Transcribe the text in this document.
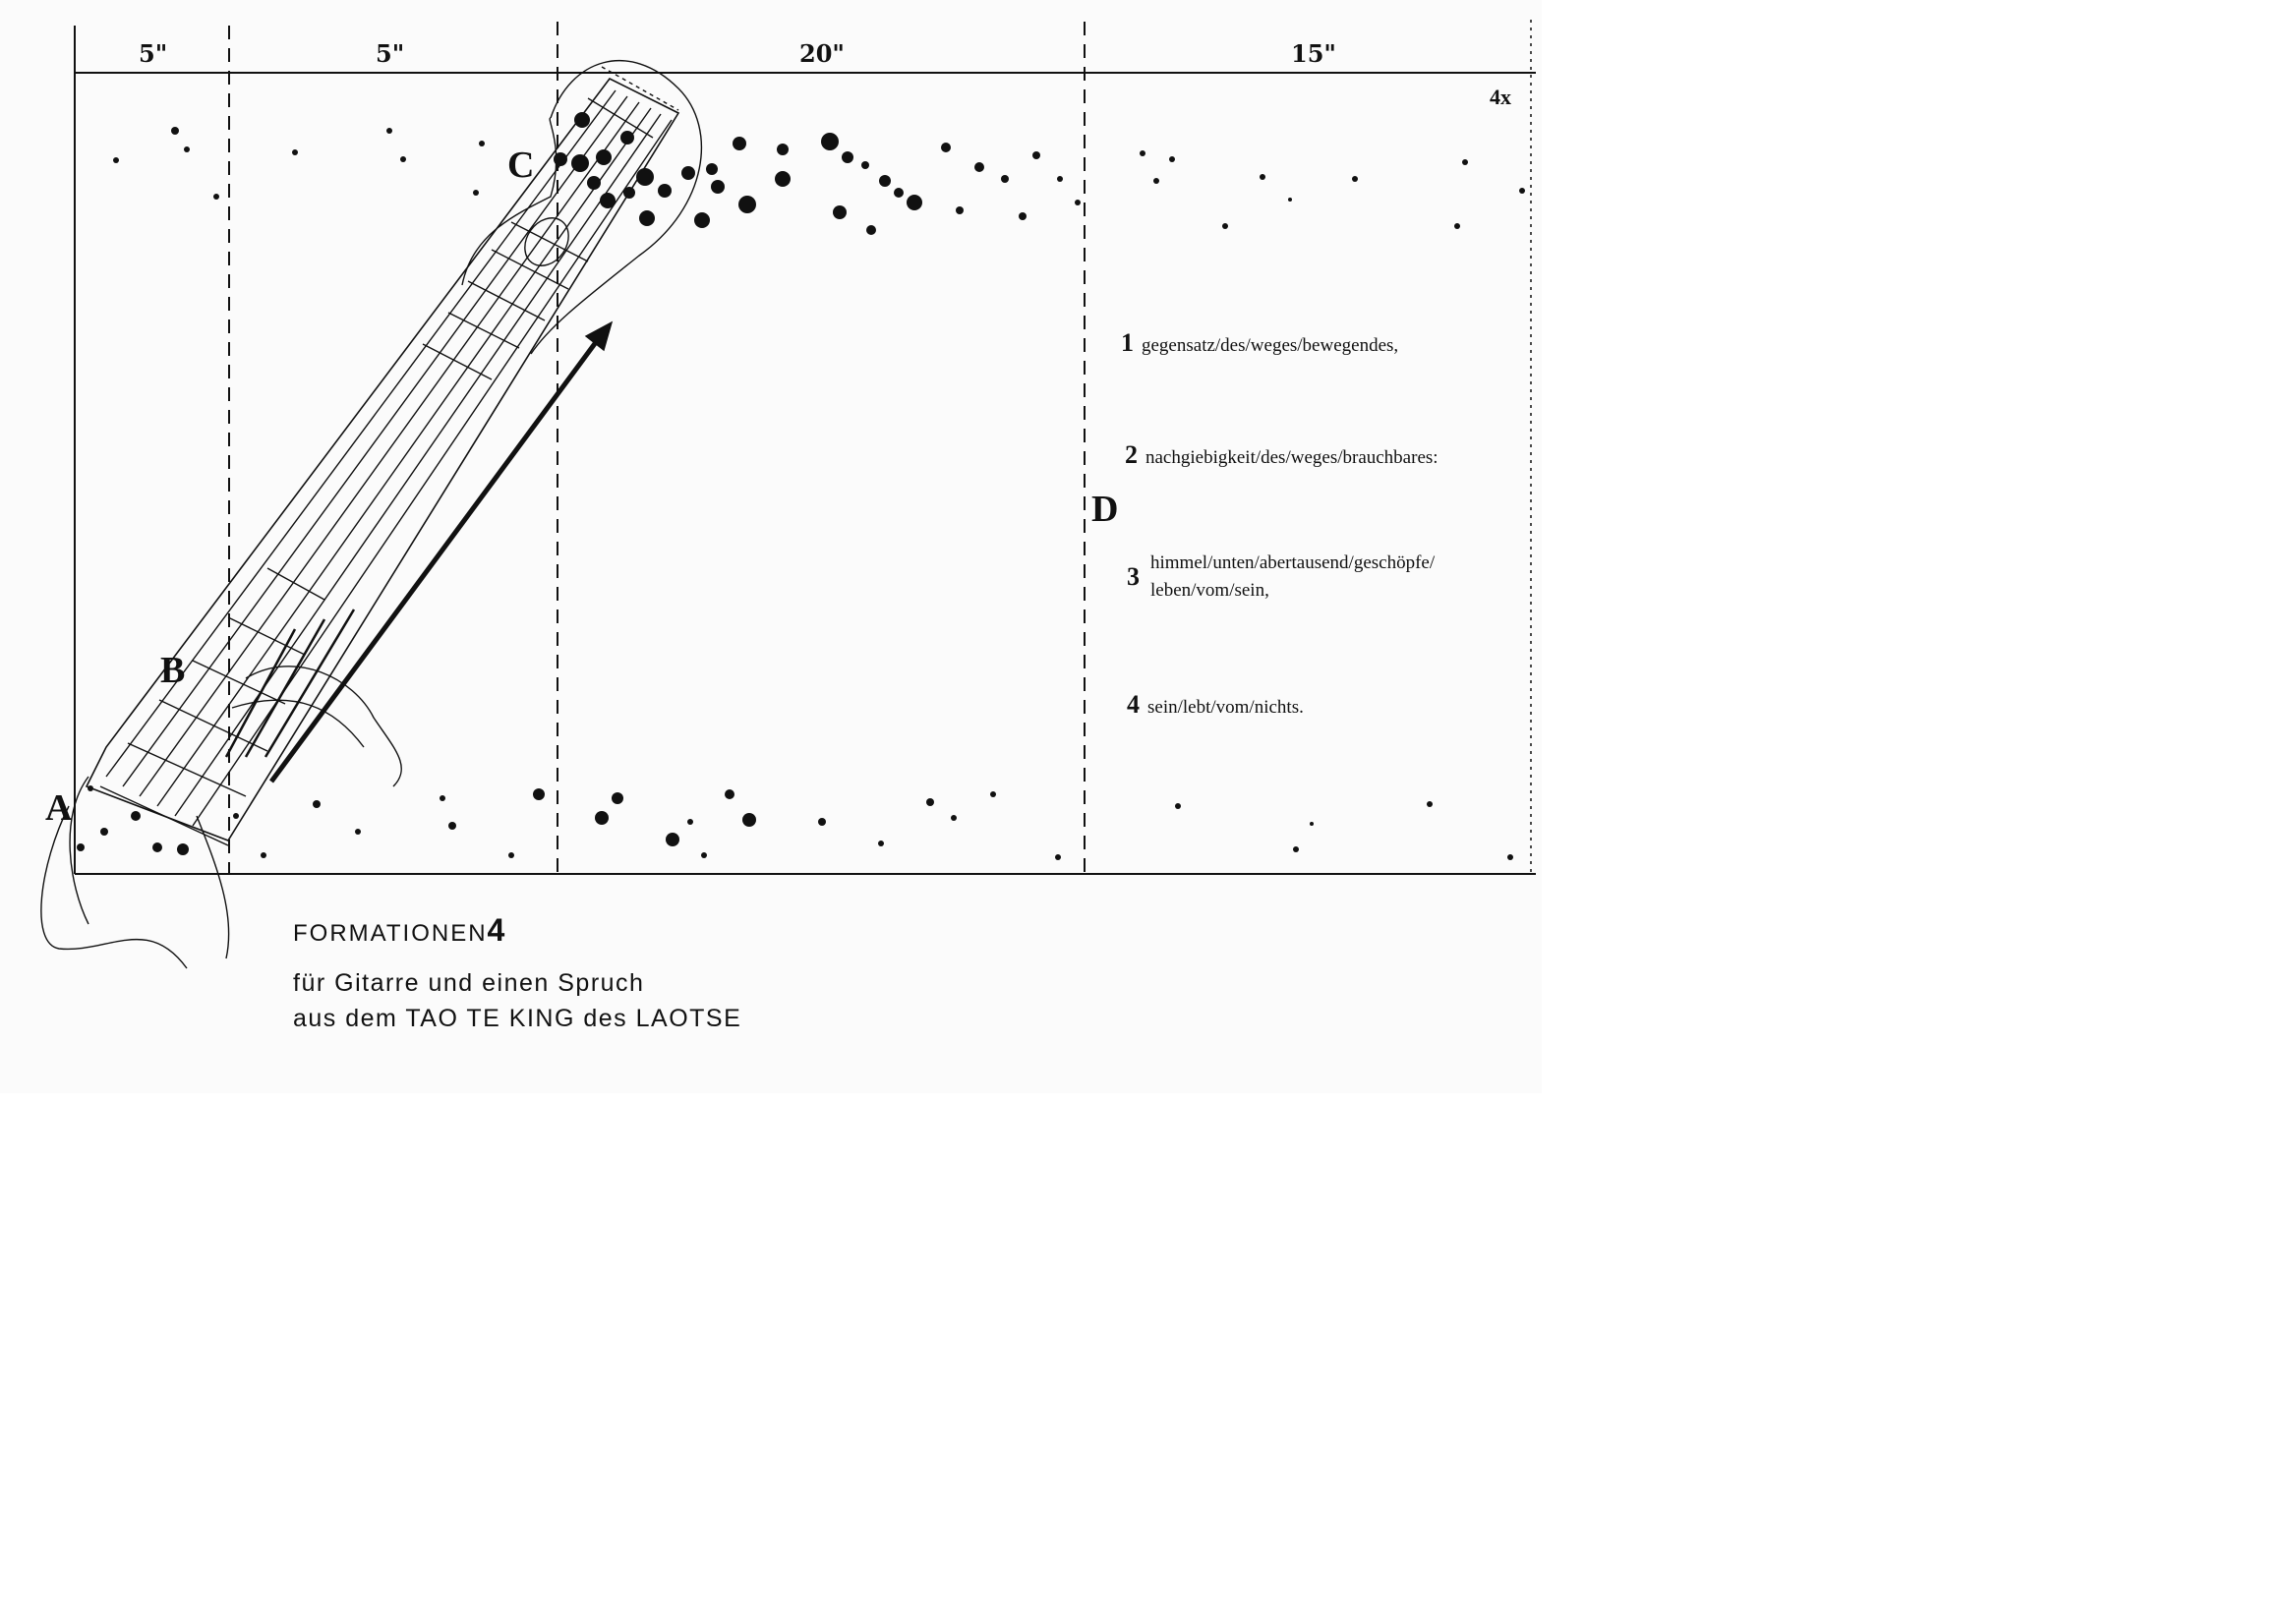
5"	5"	20"	15"
4x
A
B
C
D
1 gegensatz/des/weges/bewegendes,
2 nachgiebigkeit/des/weges/brauchbares:
3 himmel/unten/abertausend/geschöpfe/
leben/vom/sein,
4 sein/lebt/vom/nichts.
FORMATIONEN4
für Gitarre und einen Spruch
aus dem TAO TE KING des LAOTSE
